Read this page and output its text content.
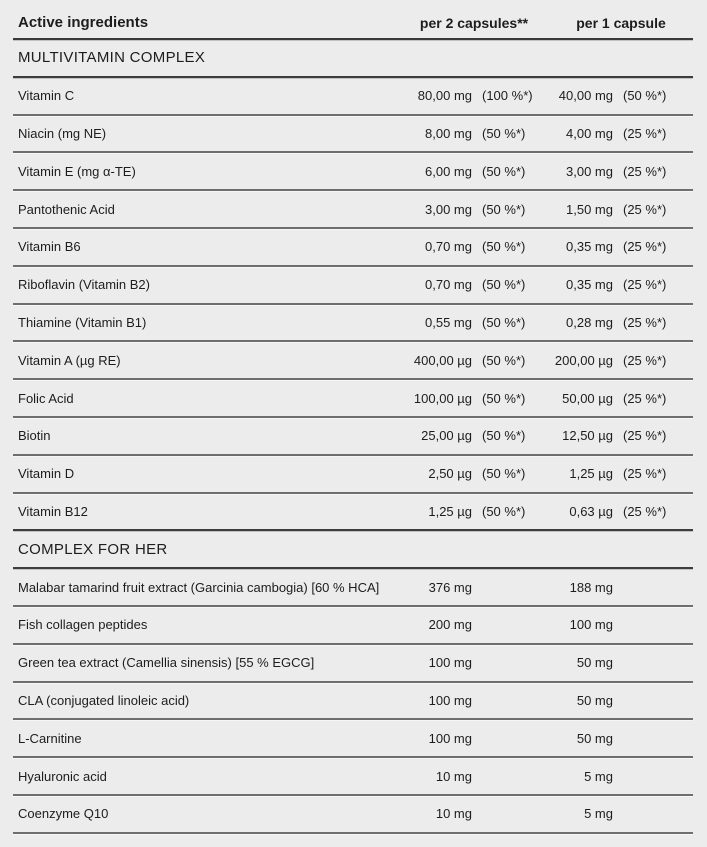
Active ingredients	per 2 capsules**	per 1 capsule
MULTIVITAMIN COMPLEX
Vitamin C	80,00 mg (100 %*)	40,00 mg (50 %*)
Niacin (mg NE)	8,00 mg (50 %*)	4,00 mg (25 %*)
Vitamin E (mg α-TE)	6,00 mg (50 %*)	3,00 mg (25 %*)
Pantothenic Acid	3,00 mg (50 %*)	1,50 mg (25 %*)
Vitamin B6	0,70 mg (50 %*)	0,35 mg (25 %*)
Riboflavin (Vitamin B2)	0,70 mg (50 %*)	0,35 mg (25 %*)
Thiamine (Vitamin B1)	0,55 mg (50 %*)	0,28 mg (25 %*)
Vitamin A (µg RE)	400,00 µg (50 %*)	200,00 µg (25 %*)
Folic Acid	100,00 µg (50 %*)	50,00 µg (25 %*)
Biotin	25,00 µg (50 %*)	12,50 µg (25 %*)
Vitamin D	2,50 µg (50 %*)	1,25 µg (25 %*)
Vitamin B12	1,25 µg (50 %*)	0,63 µg (25 %*)
COMPLEX FOR HER
Malabar tamarind fruit extract (Garcinia cambogia) [60 % HCA]	376 mg	188 mg
Fish collagen peptides	200 mg	100 mg
Green tea extract (Camellia sinensis) [55 % EGCG]	100 mg	50 mg
CLA (conjugated linoleic acid)	100 mg	50 mg
L-Carnitine	100 mg	50 mg
Hyaluronic acid	10 mg	5 mg
Coenzyme Q10	10 mg	5 mg
